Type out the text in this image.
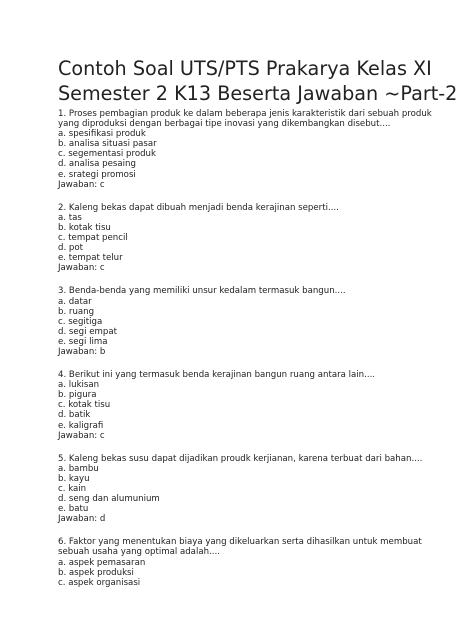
Contoh Soal UTS/PTS Prakarya Kelas XI
Semester 2 K13 Beserta Jawaban ~Part-2
1. Proses pembagian produk ke dalam beberapa jenis karakteristik dari sebuah produk
yang diproduksi dengan berbagai tipe inovasi yang dikembangkan disebut....
a. spesifikasi produk
b. analisa situasi pasar
c. segementasi produk
d. analisa pesaing
e. srategi promosi
Jawaban: c
2. Kaleng bekas dapat dibuah menjadi benda kerajinan seperti....
a. tas
b. kotak tisu
c. tempat pencil
d. pot
e. tempat telur
Jawaban: c
3. Benda-benda yang memiliki unsur kedalam termasuk bangun....
a. datar
b. ruang
c. segitiga
d. segi empat
e. segi lima
Jawaban: b
4. Berikut ini yang termasuk benda kerajinan bangun ruang antara lain....
a. lukisan
b. pigura
c. kotak tisu
d. batik
e. kaligrafi
Jawaban: c
5. Kaleng bekas susu dapat dijadikan proudk kerjianan, karena terbuat dari bahan....
a. bambu
b. kayu
c. kain
d. seng dan alumunium
e. batu
Jawaban: d
6. Faktor yang menentukan biaya yang dikeluarkan serta dihasilkan untuk membuat
sebuah usaha yang optimal adalah....
a. aspek pemasaran
b. aspek produksi
c. aspek organisasi
